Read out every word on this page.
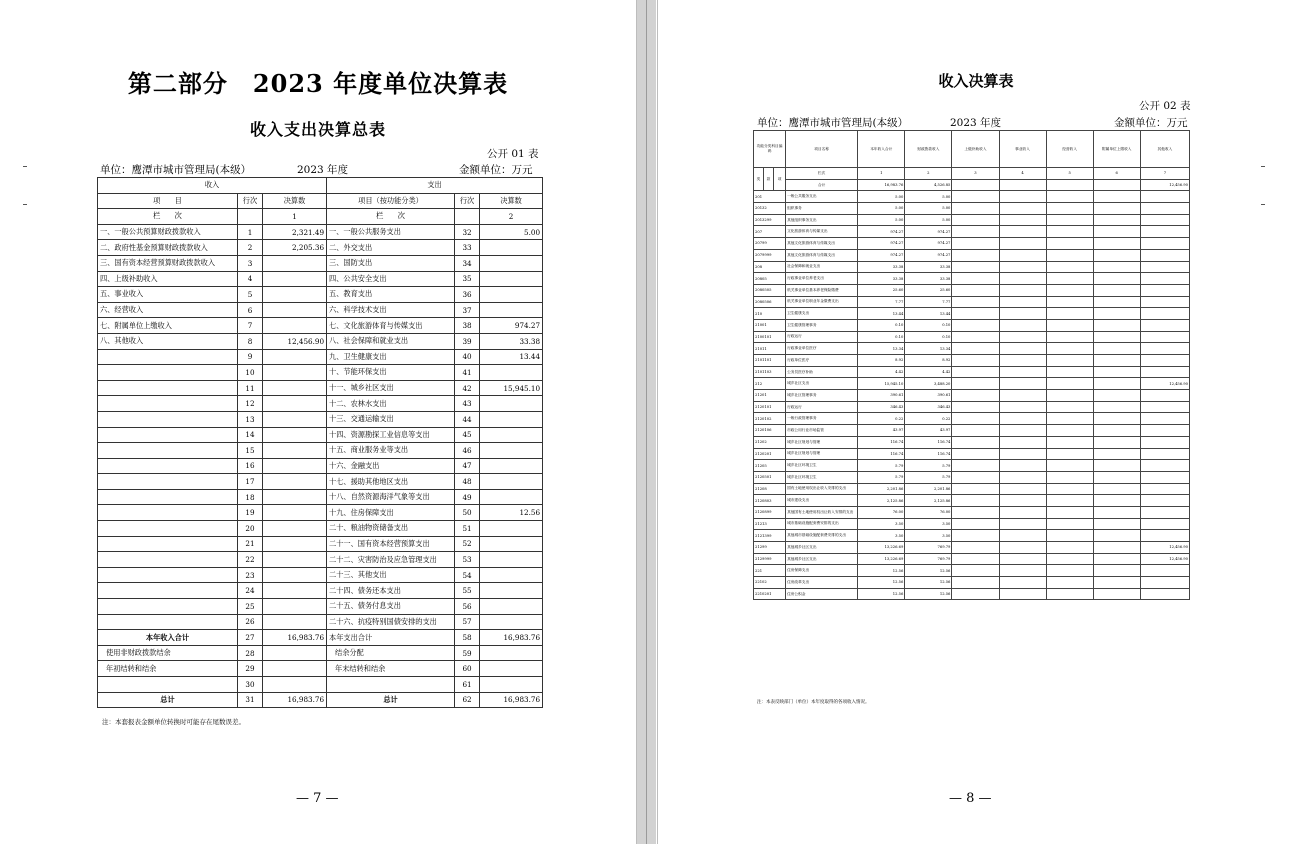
第二部分　2023 年度单位决算表
收入支出决算总表
公开 01 表
单位：鹰潭市城市管理局(本级）	2023 年度	金额单位：万元
收入			支出		
项　　目	行次	决算数	项目（按功能分类）	行次	决算数
栏　　次		1	栏　　次		2
一、一般公共预算财政拨款收入	1	2,321.49	一、一般公共服务支出	32	5.00
二、政府性基金预算财政拨款收入	2	2,205.36	二、外交支出	33	
三、国有资本经营预算财政拨款收入	3		三、国防支出	34	
四、上级补助收入	4		四、公共安全支出	35	
五、事业收入	5		五、教育支出	36	
六、经营收入	6		六、科学技术支出	37	
七、附属单位上缴收入	7		七、文化旅游体育与传媒支出	38	974.27
八、其他收入	8	12,456.90	八、社会保障和就业支出	39	33.38
	9		九、卫生健康支出	40	13.44
	10		十、节能环保支出	41	
	11		十一、城乡社区支出	42	15,945.10
	12		十二、农林水支出	43	
	13		十三、交通运输支出	44	
	14		十四、资源勘探工业信息等支出	45	
	15		十五、商业服务业等支出	46	
	16		十六、金融支出	47	
	17		十七、援助其他地区支出	48	
	18		十八、自然资源海洋气象等支出	49	
	19		十九、住房保障支出	50	12.56
	20		二十、粮油物资储备支出	51	
	21		二十一、国有资本经营预算支出	52	
	22		二十二、灾害防治及应急管理支出	53	
	23		二十三、其他支出	54	
	24		二十四、债务还本支出	55	
	25		二十五、债务付息支出	56	
	26		二十六、抗疫特别国债安排的支出	57	
本年收入合计	27	16,983.76	本年支出合计	58	16,983.76
使用非财政拨款结余	28		结余分配	59	
年初结转和结余	29		年末结转和结余	60	
	30			61	
总计	31	16,983.76	总计	62	16,983.76
注：本套报表金额单位转换时可能存在尾数误差。
— 7 —
收入决算表
公开 02 表
单位：鹰潭市城市管理局(本级）	2023 年度	金额单位：万元
注：本表反映部门（单位）本年度取得的各项收入情况。
— 8 —
功能分类科目编码			项目名称	本年收入合计	财政拨款收入	上级补助收入	事业收入	经营收入	附属单位上缴收入	其他收入
类	款	项	栏次	1	2	3	4	5	6	7
			合计	16,983.76	4,526.85					12,456.90
201			一般公共服务支出	5.00	5.00					
20132			组织事务	5.00	5.00					
2013299			其他组织事务支出	5.00	5.00					
207			文化旅游体育与传媒支出	974.27	974.27					
20799			其他文化旅游体育与传媒支出	974.27	974.27					
2079999			其他文化旅游体育与传媒支出	974.27	974.27					
208			社会保障和就业支出	33.38	33.38					
20805			行政事业单位养老支出	33.38	33.38					
2080505			机关事业单位基本养老保险缴费	25.60	25.60					
2080506			机关事业单位职业年金缴费支出	7.77	7.77					
210			卫生健康支出	13.44	13.44					
21001			卫生健康管理事务	0.10	0.10					
2100101			行政运行	0.10	0.10					
21011			行政事业单位医疗	13.34	13.34					
2101101			行政单位医疗	8.92	8.92					
2101103			公务员医疗补助	4.42	4.42					
212			城乡社区支出	15,945.10	3,488.20					12,456.90
21201			城乡社区管理事务	390.61	390.61					
2120101			行政运行	346.43	346.43					
2120102			一般行政管理事务	0.22	0.22					
2120106			市政公用行业市场监管	43.97	43.97					
21202			城乡社区规划与管理	116.74	116.74					
2120201			城乡社区规划与管理	116.74	116.74					
21205			城乡社区环境卫生	5.79	5.79					
2120501			城乡社区环境卫生	5.79	5.79					
21208			国有土地使用权出让收入安排的支出	2,201.86	2,201.86					
2120803			城市建设支出	2,125.86	2,125.86					
2120899			其他国有土地使用权出让收入安排的支出	76.00	76.00					
21213			城市基础设施配套费安排的支出	3.50	3.50					
2121399			其他城市基础设施配套费安排的支出	3.50	3.50					
21299			其他城乡社区支出	13,226.69	769.79					12,456.90
2129999			其他城乡社区支出	13,226.69	769.79					12,456.90
221			住房保障支出	12.56	12.56					
22102			住房改革支出	12.56	12.56					
2210201			住房公积金	12.56	12.56					
